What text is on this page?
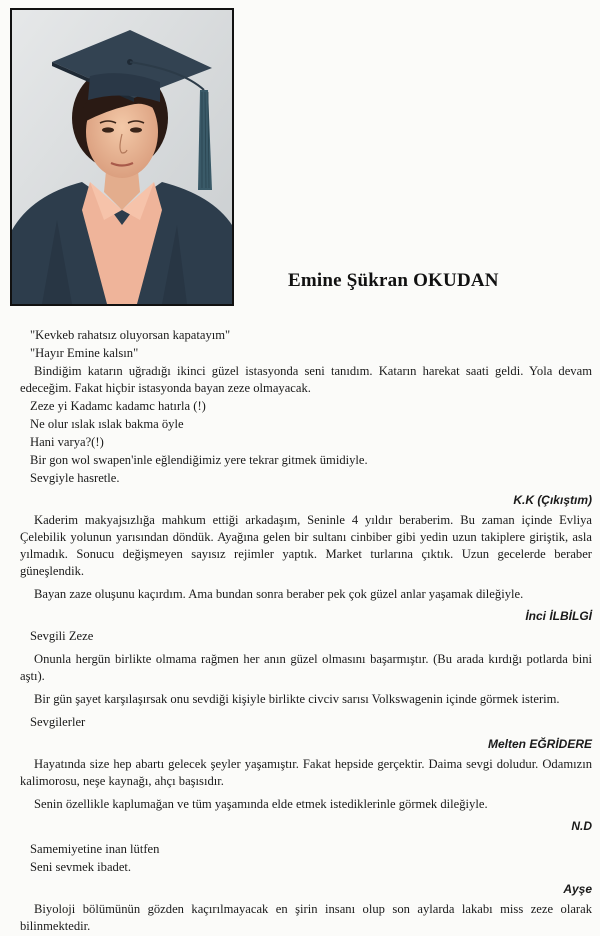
Emine Şükran OKUDAN

"Kevkeb rahatsız oluyorsan kapatayım"

"Hayır Emine kalsın"

Bindiğim katarın uğradığı ikinci güzel istasyonda seni tanıdım. Katarın harekat saati geldi. Yola devam edeceğim. Fakat hiçbir istasyonda bayan zeze olmayacak.

Zeze yi Kadamc kadamc hatırla (!)

Ne olur ıslak ıslak bakma öyle

Hani varya?(!)

Bir gon wol swapen'inle eğlendiğimiz yere tekrar gitmek ümidiyle.

Sevgiyle hasretle.

K.K (Çıkıştım)

Kaderim makyajsızlığa mahkum ettiği arkadaşım, Seninle 4 yıldır beraberim. Bu zaman içinde Evliya Çelebilik yolunun yarısından döndük. Ayağına gelen bir sultanı cinbiber gibi yedin uzun takiplere giriştik, asla yılmadık. Sonucu değişmeyen sayısız rejimler yaptık. Market turlarına çıktık. Uzun gecelerde beraber güneşlendik.

Bayan zaze oluşunu kaçırdım. Ama bundan sonra beraber pek çok güzel anlar yaşamak dileğiyle.

İnci İLBİLGİ

Sevgili Zeze

Onunla hergün birlikte olmama rağmen her anın güzel olmasını başarmıştır. (Bu arada kırdığı potlarda bini aştı).

Bir gün şayet karşılaşırsak onu sevdiği kişiyle birlikte civciv sarısı Volkswagenin içinde görmek isterim.

Sevgilerler

Melten EĞRİDERE

Hayatında size hep abartı gelecek şeyler yaşamıştır. Fakat hepside gerçektir. Daima sevgi doludur. Odamızın kalimorosu, neşe kaynağı, ahçı başısıdır.

Senin özellikle kaplumağan ve tüm yaşamında elde etmek istediklerinle görmek dileğiyle.

N.D

Samemiyetine inan lütfen

Seni sevmek ibadet.

Ayşe

Biyoloji bölümünün gözden kaçırılmayacak en şirin insanı olup son aylarda lakabı miss zeze olarak bilinmektedir.
